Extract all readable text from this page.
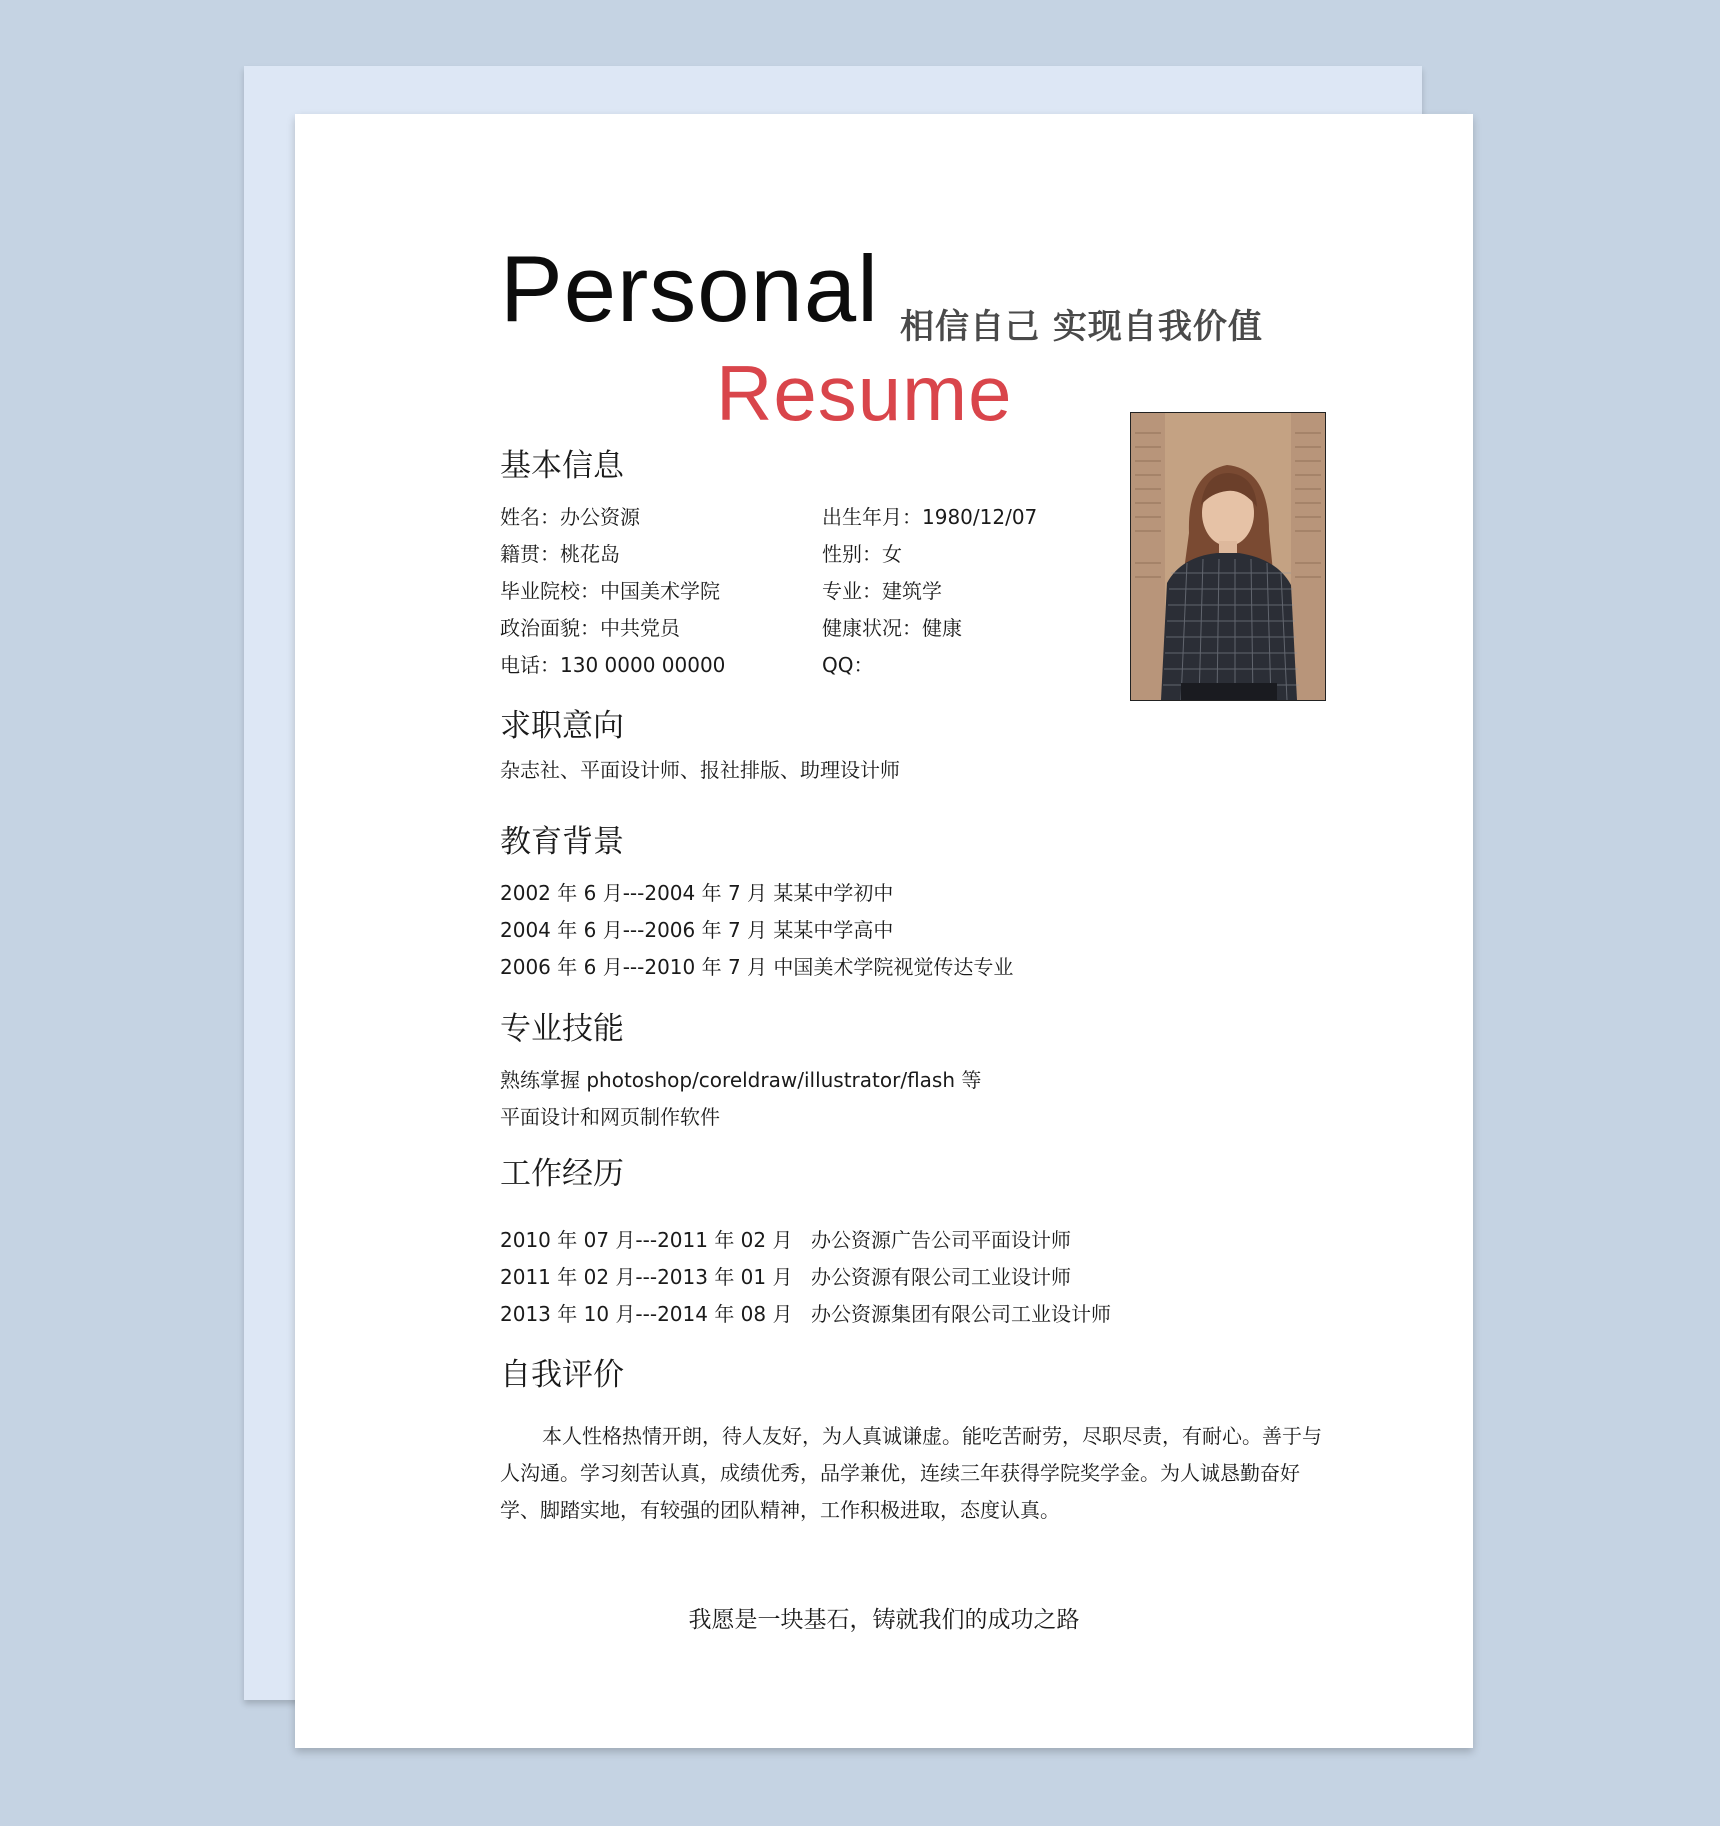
Personal 相信自己 实现自我价值
Resume
基本信息
姓名：办公资源
籍贯：桃花岛
毕业院校：中国美术学院
政治面貌：中共党员
电话：130 0000 00000
出生年月：1980/12/07
性别：女
专业：建筑学
健康状况：健康
QQ：
求职意向
杂志社、平面设计师、报社排版、助理设计师
教育背景
2002 年 6 月---2004 年 7 月 某某中学初中
2004 年 6 月---2006 年 7 月 某某中学高中
2006 年 6 月---2010 年 7 月 中国美术学院视觉传达专业
专业技能
熟练掌握 photoshop/coreldraw/illustrator/flash 等
平面设计和网页制作软件
工作经历
2010 年 07 月---2011 年 02 月 办公资源广告公司平面设计师
2011 年 02 月---2013 年 01 月 办公资源有限公司工业设计师
2013 年 10 月---2014 年 08 月 办公资源集团有限公司工业设计师
自我评价

本人性格热情开朗，待人友好，为人真诚谦虚。能吃苦耐劳，尽职尽责，有耐心。善于与人沟通。学习刻苦认真，成绩优秀，品学兼优，连续三年获得学院奖学金。为人诚恳勤奋好学、脚踏实地，有较强的团队精神，工作积极进取，态度认真。

我愿是一块基石，铸就我们的成功之路
